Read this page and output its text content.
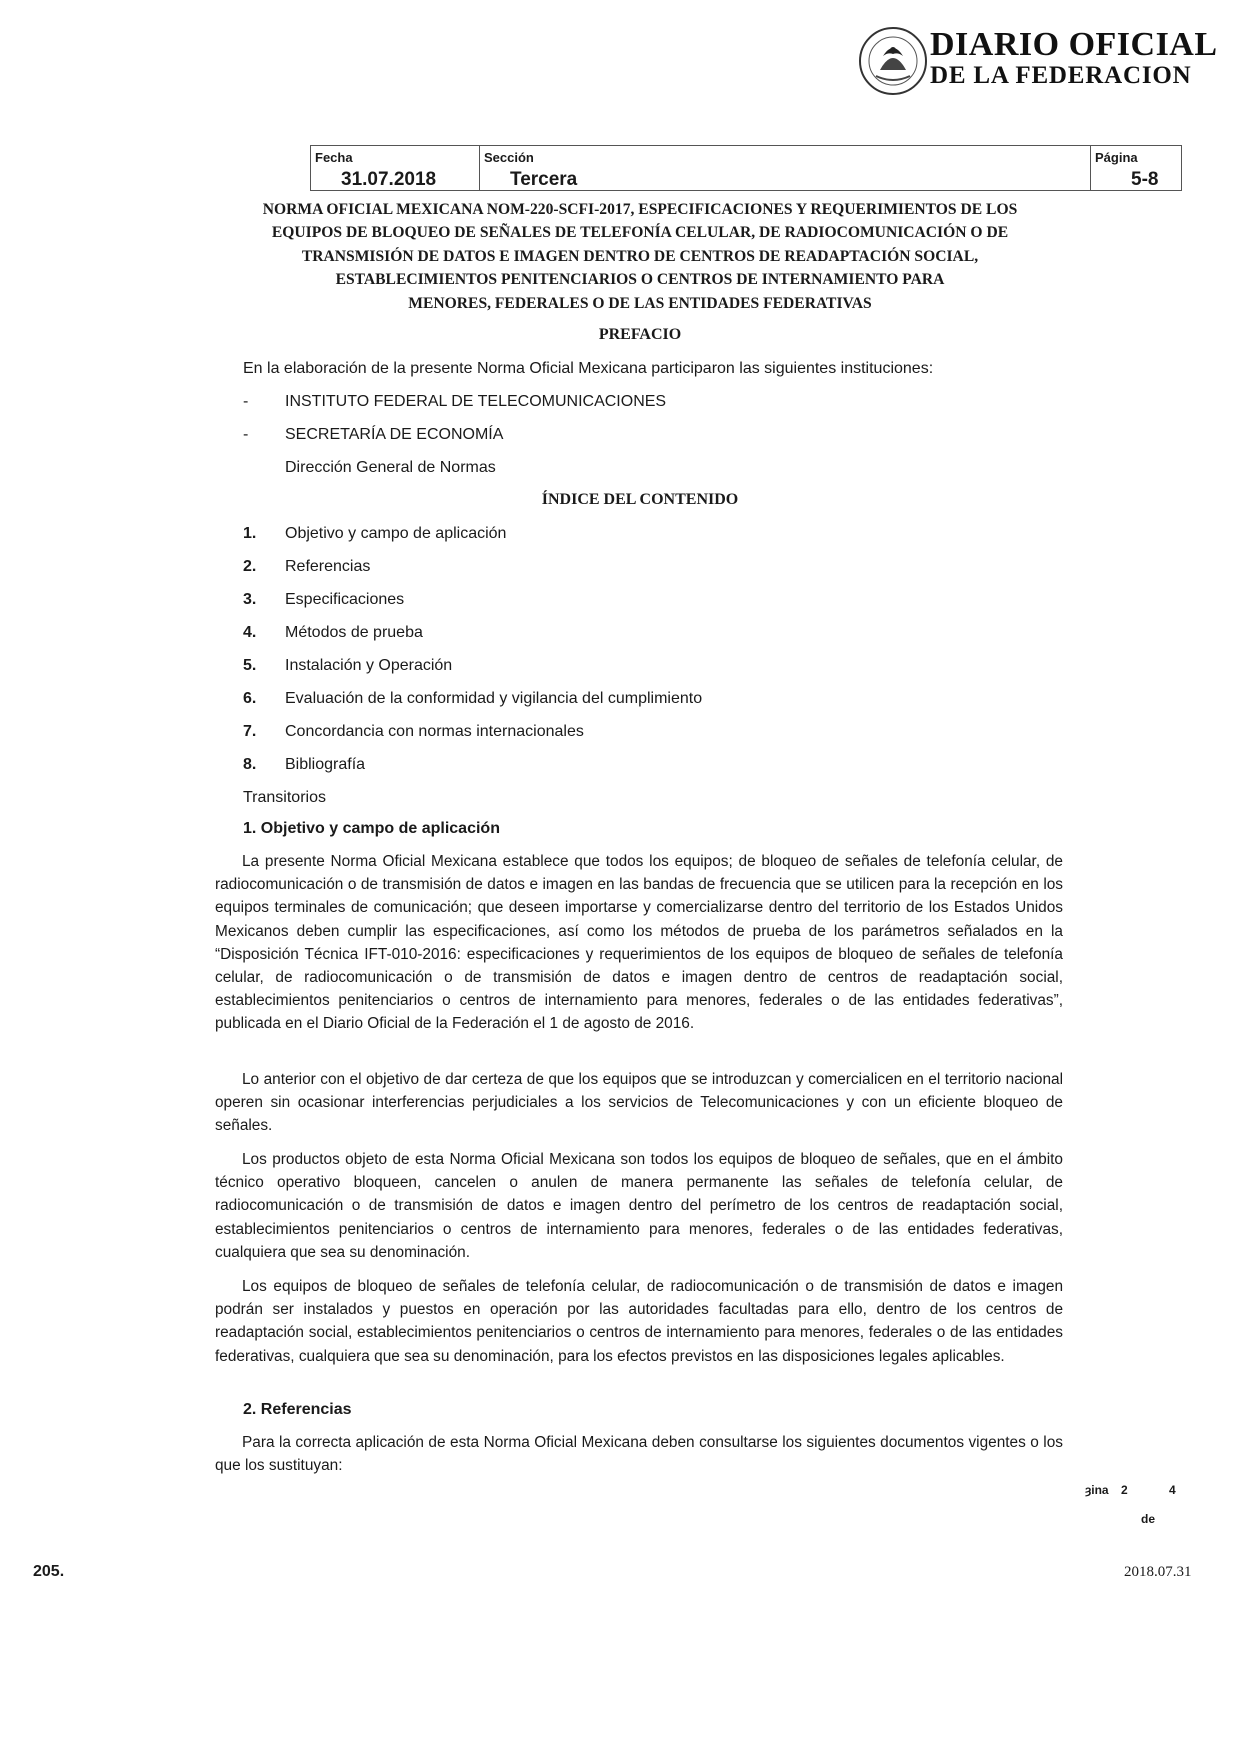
DIARIO OFICIAL
DE LA FEDERACION
Fecha
31.07.2018
Sección
Tercera
Página
5-8
NORMA OFICIAL MEXICANA NOM-220-SCFI-2017, ESPECIFICACIONES Y REQUERIMIENTOS DE LOS
EQUIPOS DE BLOQUEO DE SEÑALES DE TELEFONÍA CELULAR, DE RADIOCOMUNICACIÓN O DE
TRANSMISIÓN DE DATOS E IMAGEN DENTRO DE CENTROS DE READAPTACIÓN SOCIAL,
ESTABLECIMIENTOS PENITENCIARIOS O CENTROS DE INTERNAMIENTO PARA
MENORES, FEDERALES O DE LAS ENTIDADES FEDERATIVAS
PREFACIO
En la elaboración de la presente Norma Oficial Mexicana participaron las siguientes instituciones:
- INSTITUTO FEDERAL DE TELECOMUNICACIONES
- SECRETARÍA DE ECONOMÍA
Dirección General de Normas
ÍNDICE DEL CONTENIDO
1. Objetivo y campo de aplicación
2. Referencias
3. Especificaciones
4. Métodos de prueba
5. Instalación y Operación
6. Evaluación de la conformidad y vigilancia del cumplimiento
7. Concordancia con normas internacionales
8. Bibliografía
Transitorios
1. Objetivo y campo de aplicación
La presente Norma Oficial Mexicana establece que todos los equipos; de bloqueo de señales de telefonía celular, de radiocomunicación o de transmisión de datos e imagen en las bandas de frecuencia que se utilicen para la recepción en los equipos terminales de comunicación; que deseen importarse y comercializarse dentro del territorio de los Estados Unidos Mexicanos deben cumplir las especificaciones, así como los métodos de prueba de los parámetros señalados en la “Disposición Técnica IFT-010-2016: especificaciones y requerimientos de los equipos de bloqueo de señales de telefonía celular, de radiocomunicación o de transmisión de datos e imagen dentro de centros de readaptación social, establecimientos penitenciarios o centros de internamiento para menores, federales o de las entidades federativas”, publicada en el Diario Oficial de la Federación el 1 de agosto de 2016.
Lo anterior con el objetivo de dar certeza de que los equipos que se introduzcan y comercialicen en el territorio nacional operen sin ocasionar interferencias perjudiciales a los servicios de Telecomunicaciones y con un eficiente bloqueo de señales.
Los productos objeto de esta Norma Oficial Mexicana son todos los equipos de bloqueo de señales, que en el ámbito técnico operativo bloqueen, cancelen o anulen de manera permanente las señales de telefonía celular, de radiocomunicación o de transmisión de datos e imagen dentro del perímetro de los centros de readaptación social, establecimientos penitenciarios o centros de internamiento para menores, federales o de las entidades federativas, cualquiera que sea su denominación.
Los equipos de bloqueo de señales de telefonía celular, de radiocomunicación o de transmisión de datos e imagen podrán ser instalados y puestos en operación por las autoridades facultadas para ello, dentro de los centros de readaptación social, establecimientos penitenciarios o centros de internamiento para menores, federales o de las entidades federativas, cualquiera que sea su denominación, para los efectos previstos en las disposiciones legales aplicables.
2. Referencias
Para la correcta aplicación de esta Norma Oficial Mexicana deben consultarse los siguientes documentos vigentes o los que los sustituyan:
ȝina 2	4
de
205.	2018.07.31
